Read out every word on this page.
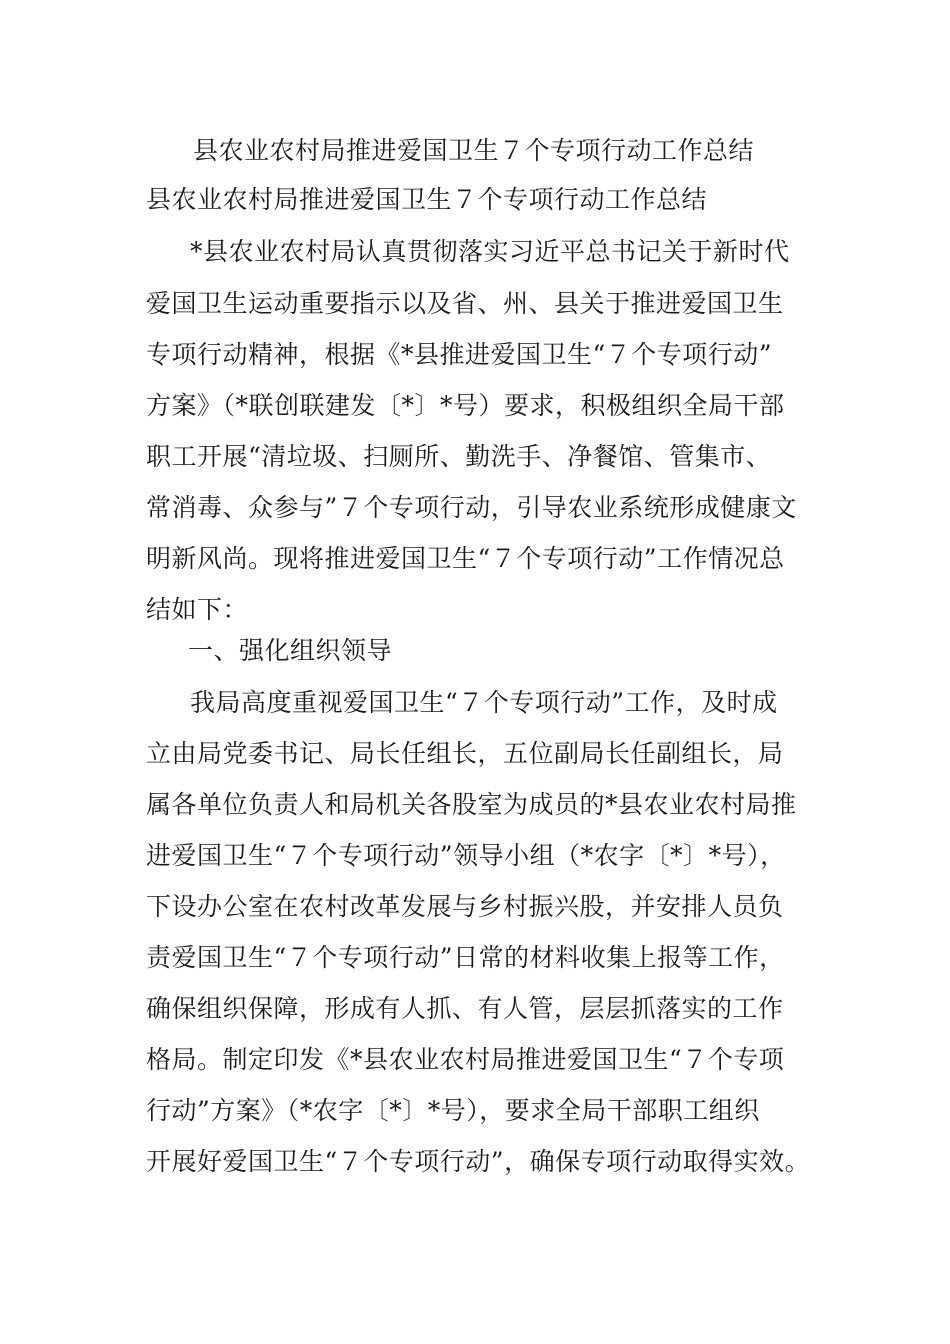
县农业农村局推进爱国卫生７个专项行动工作总结
县农业农村局推进爱国卫生７个专项行动工作总结
*县农业农村局认真贯彻落实习近平总书记关于新时代
爱国卫生运动重要指示以及省、州、县关于推进爱国卫生
专项行动精神，根据《*县推进爱国卫生“７个专项行动”
方案》（*联创联建发〔*〕*号）要求，积极组织全局干部
职工开展“清垃圾、扫厕所、勤洗手、净餐馆、管集市、
常消毒、众参与”７个专项行动，引导农业系统形成健康文
明新风尚。现将推进爱国卫生“７个专项行动”工作情况总
结如下：
一、强化组织领导
我局高度重视爱国卫生“７个专项行动”工作，及时成
立由局党委书记、局长任组长，五位副局长任副组长，局
属各单位负责人和局机关各股室为成员的*县农业农村局推
进爱国卫生“７个专项行动”领导小组（*农字〔*〕*号），
下设办公室在农村改革发展与乡村振兴股，并安排人员负
责爱国卫生“７个专项行动”日常的材料收集上报等工作，
确保组织保障，形成有人抓、有人管，层层抓落实的工作
格局。制定印发《*县农业农村局推进爱国卫生“７个专项
行动”方案》（*农字〔*〕*号），要求全局干部职工组织
开展好爱国卫生“７个专项行动”，确保专项行动取得实效。
